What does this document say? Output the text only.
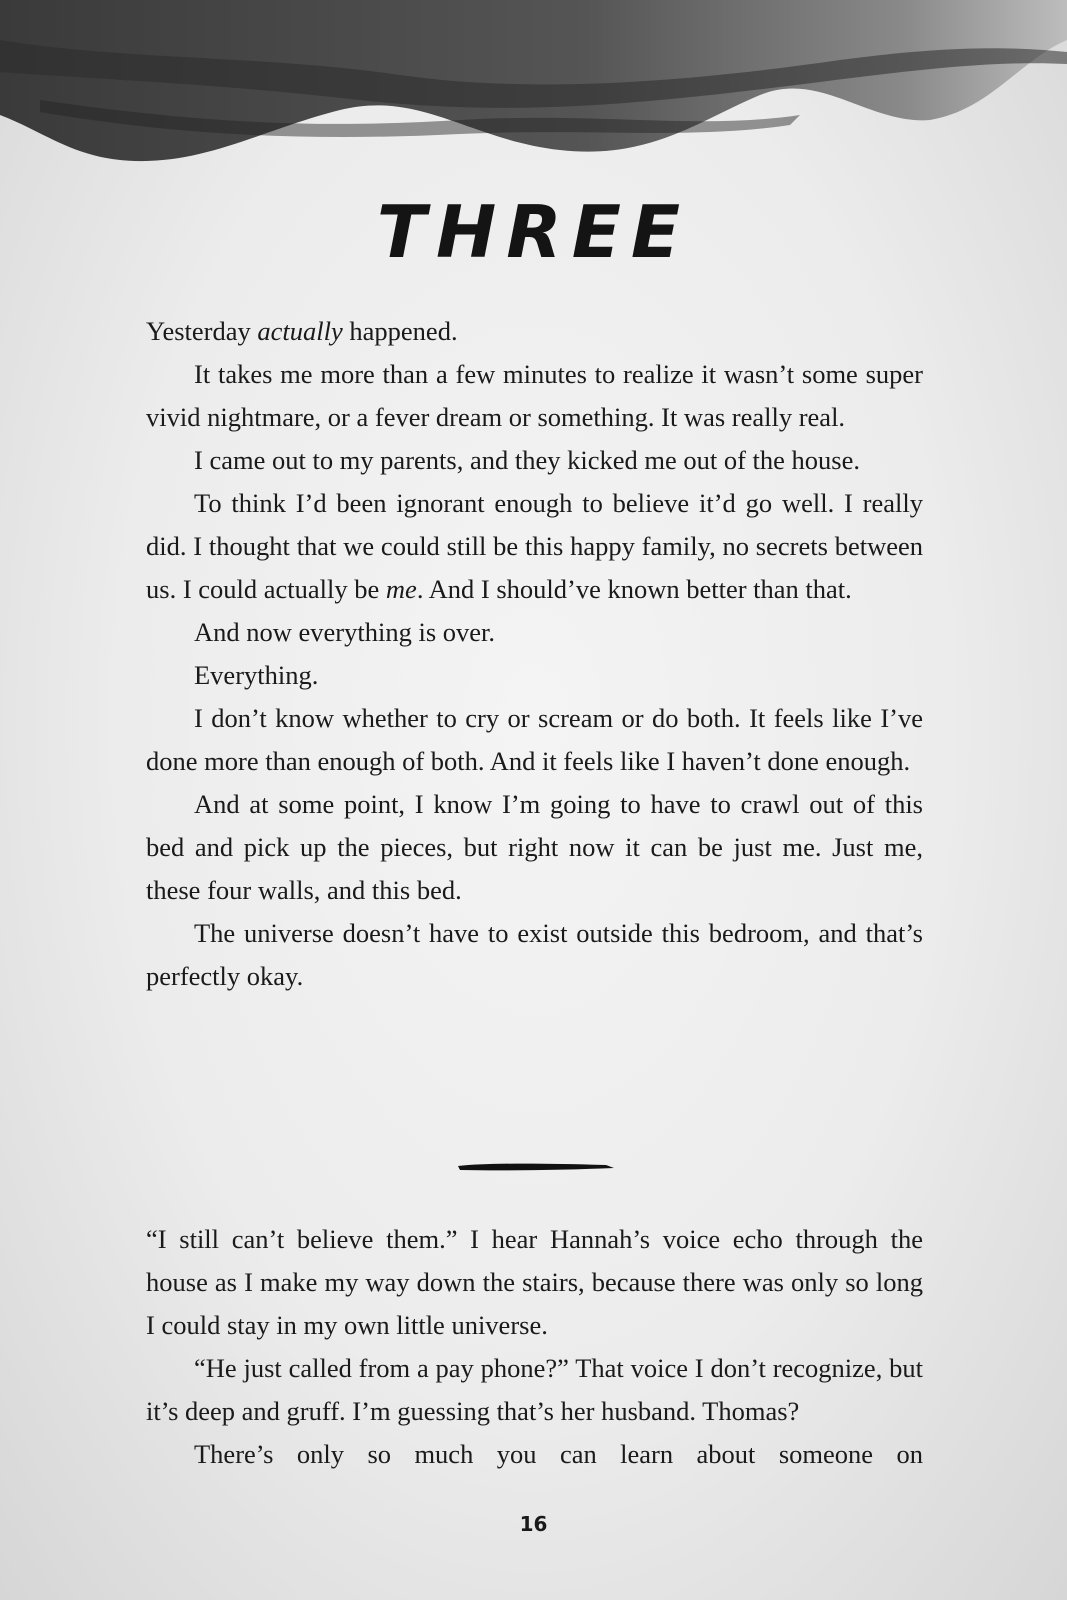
THREE

Yesterday actually happened.

It takes me more than a few minutes to realize it wasn’t some super vivid nightmare, or a fever dream or something. It was really real.

I came out to my parents, and they kicked me out of the house.

To think I’d been ignorant enough to believe it’d go well. I really did. I thought that we could still be this happy family, no secrets between us. I could actually be me. And I should’ve known better than that.

And now everything is over.

Everything.

I don’t know whether to cry or scream or do both. It feels like I’ve done more than enough of both. And it feels like I haven’t done enough.

And at some point, I know I’m going to have to crawl out of this bed and pick up the pieces, but right now it can be just me. Just me, these four walls, and this bed.

The universe doesn’t have to exist outside this bedroom, and that’s perfectly okay.

“I still can’t believe them.” I hear Hannah’s voice echo through the house as I make my way down the stairs, because there was only so long I could stay in my own little universe.

“He just called from a pay phone?” That voice I don’t recognize, but it’s deep and gruff. I’m guessing that’s her husband. Thomas?

There’s only so much you can learn about someone on

16
